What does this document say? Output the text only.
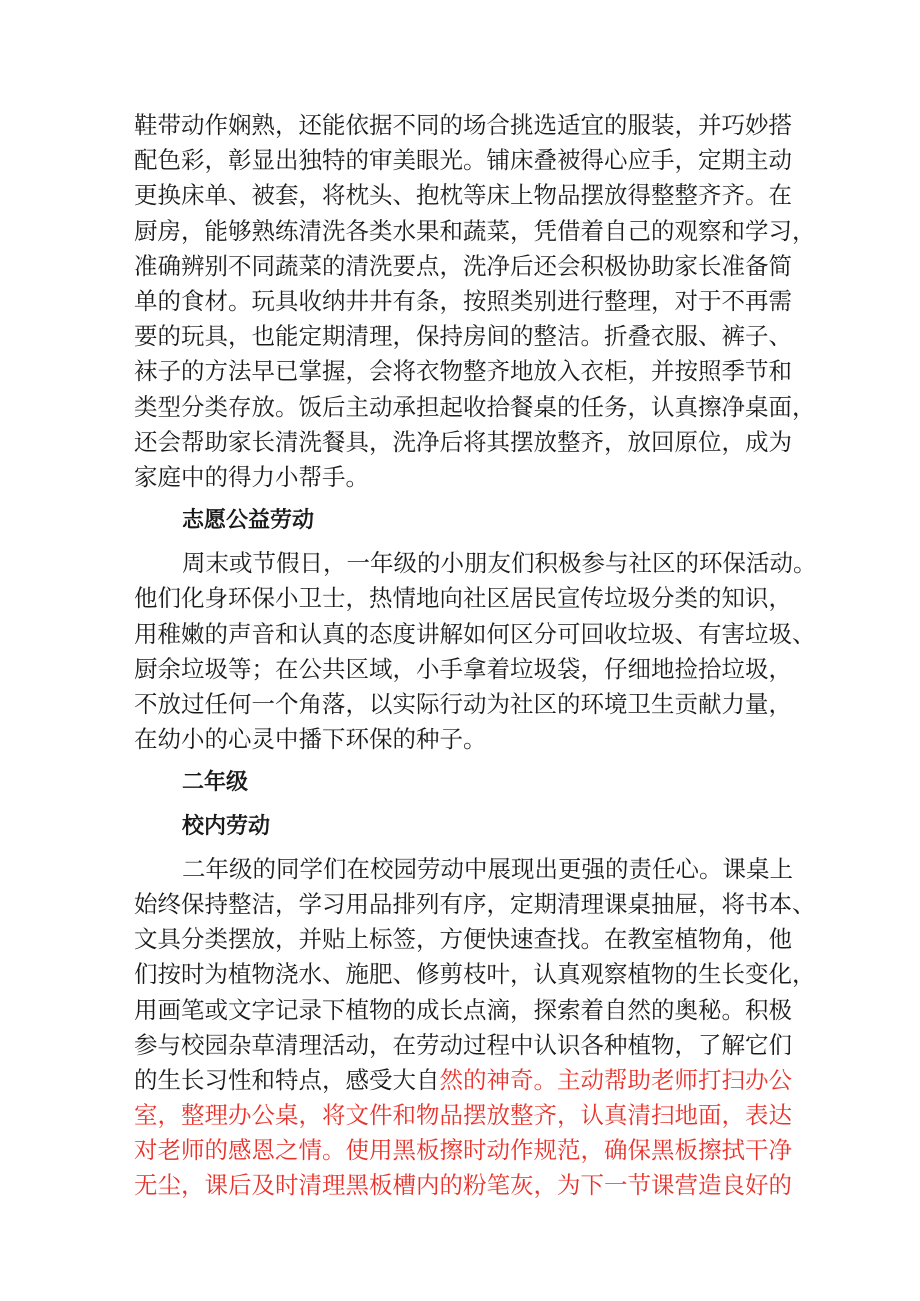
鞋带动作娴熟，还能依据不同的场合挑选适宜的服装，并巧妙搭
配色彩，彰显出独特的审美眼光。铺床叠被得心应手，定期主动
更换床单、被套，将枕头、抱枕等床上物品摆放得整整齐齐。在
厨房，能够熟练清洗各类水果和蔬菜，凭借着自己的观察和学习，
准确辨别不同蔬菜的清洗要点，洗净后还会积极协助家长准备简
单的食材。玩具收纳井井有条，按照类别进行整理，对于不再需
要的玩具，也能定期清理，保持房间的整洁。折叠衣服、裤子、
袜子的方法早已掌握，会将衣物整齐地放入衣柜，并按照季节和
类型分类存放。饭后主动承担起收拾餐桌的任务，认真擦净桌面，
还会帮助家长清洗餐具，洗净后将其摆放整齐，放回原位，成为
家庭中的得力小帮手。
志愿公益劳动
周末或节假日，一年级的小朋友们积极参与社区的环保活动。
他们化身环保小卫士，热情地向社区居民宣传垃圾分类的知识，
用稚嫩的声音和认真的态度讲解如何区分可回收垃圾、有害垃圾、
厨余垃圾等；在公共区域，小手拿着垃圾袋，仔细地捡拾垃圾，
不放过任何一个角落，以实际行动为社区的环境卫生贡献力量，
在幼小的心灵中播下环保的种子。
二年级
校内劳动
二年级的同学们在校园劳动中展现出更强的责任心。课桌上
始终保持整洁，学习用品排列有序，定期清理课桌抽屉，将书本、
文具分类摆放，并贴上标签，方便快速查找。在教室植物角，他
们按时为植物浇水、施肥、修剪枝叶，认真观察植物的生长变化，
用画笔或文字记录下植物的成长点滴，探索着自然的奥秘。积极
参与校园杂草清理活动，在劳动过程中认识各种植物，了解它们
的生长习性和特点，感受大自然的神奇。主动帮助老师打扫办公
室，整理办公桌，将文件和物品摆放整齐，认真清扫地面，表达
对老师的感恩之情。使用黑板擦时动作规范，确保黑板擦拭干净
无尘，课后及时清理黑板槽内的粉笔灰，为下一节课营造良好的
